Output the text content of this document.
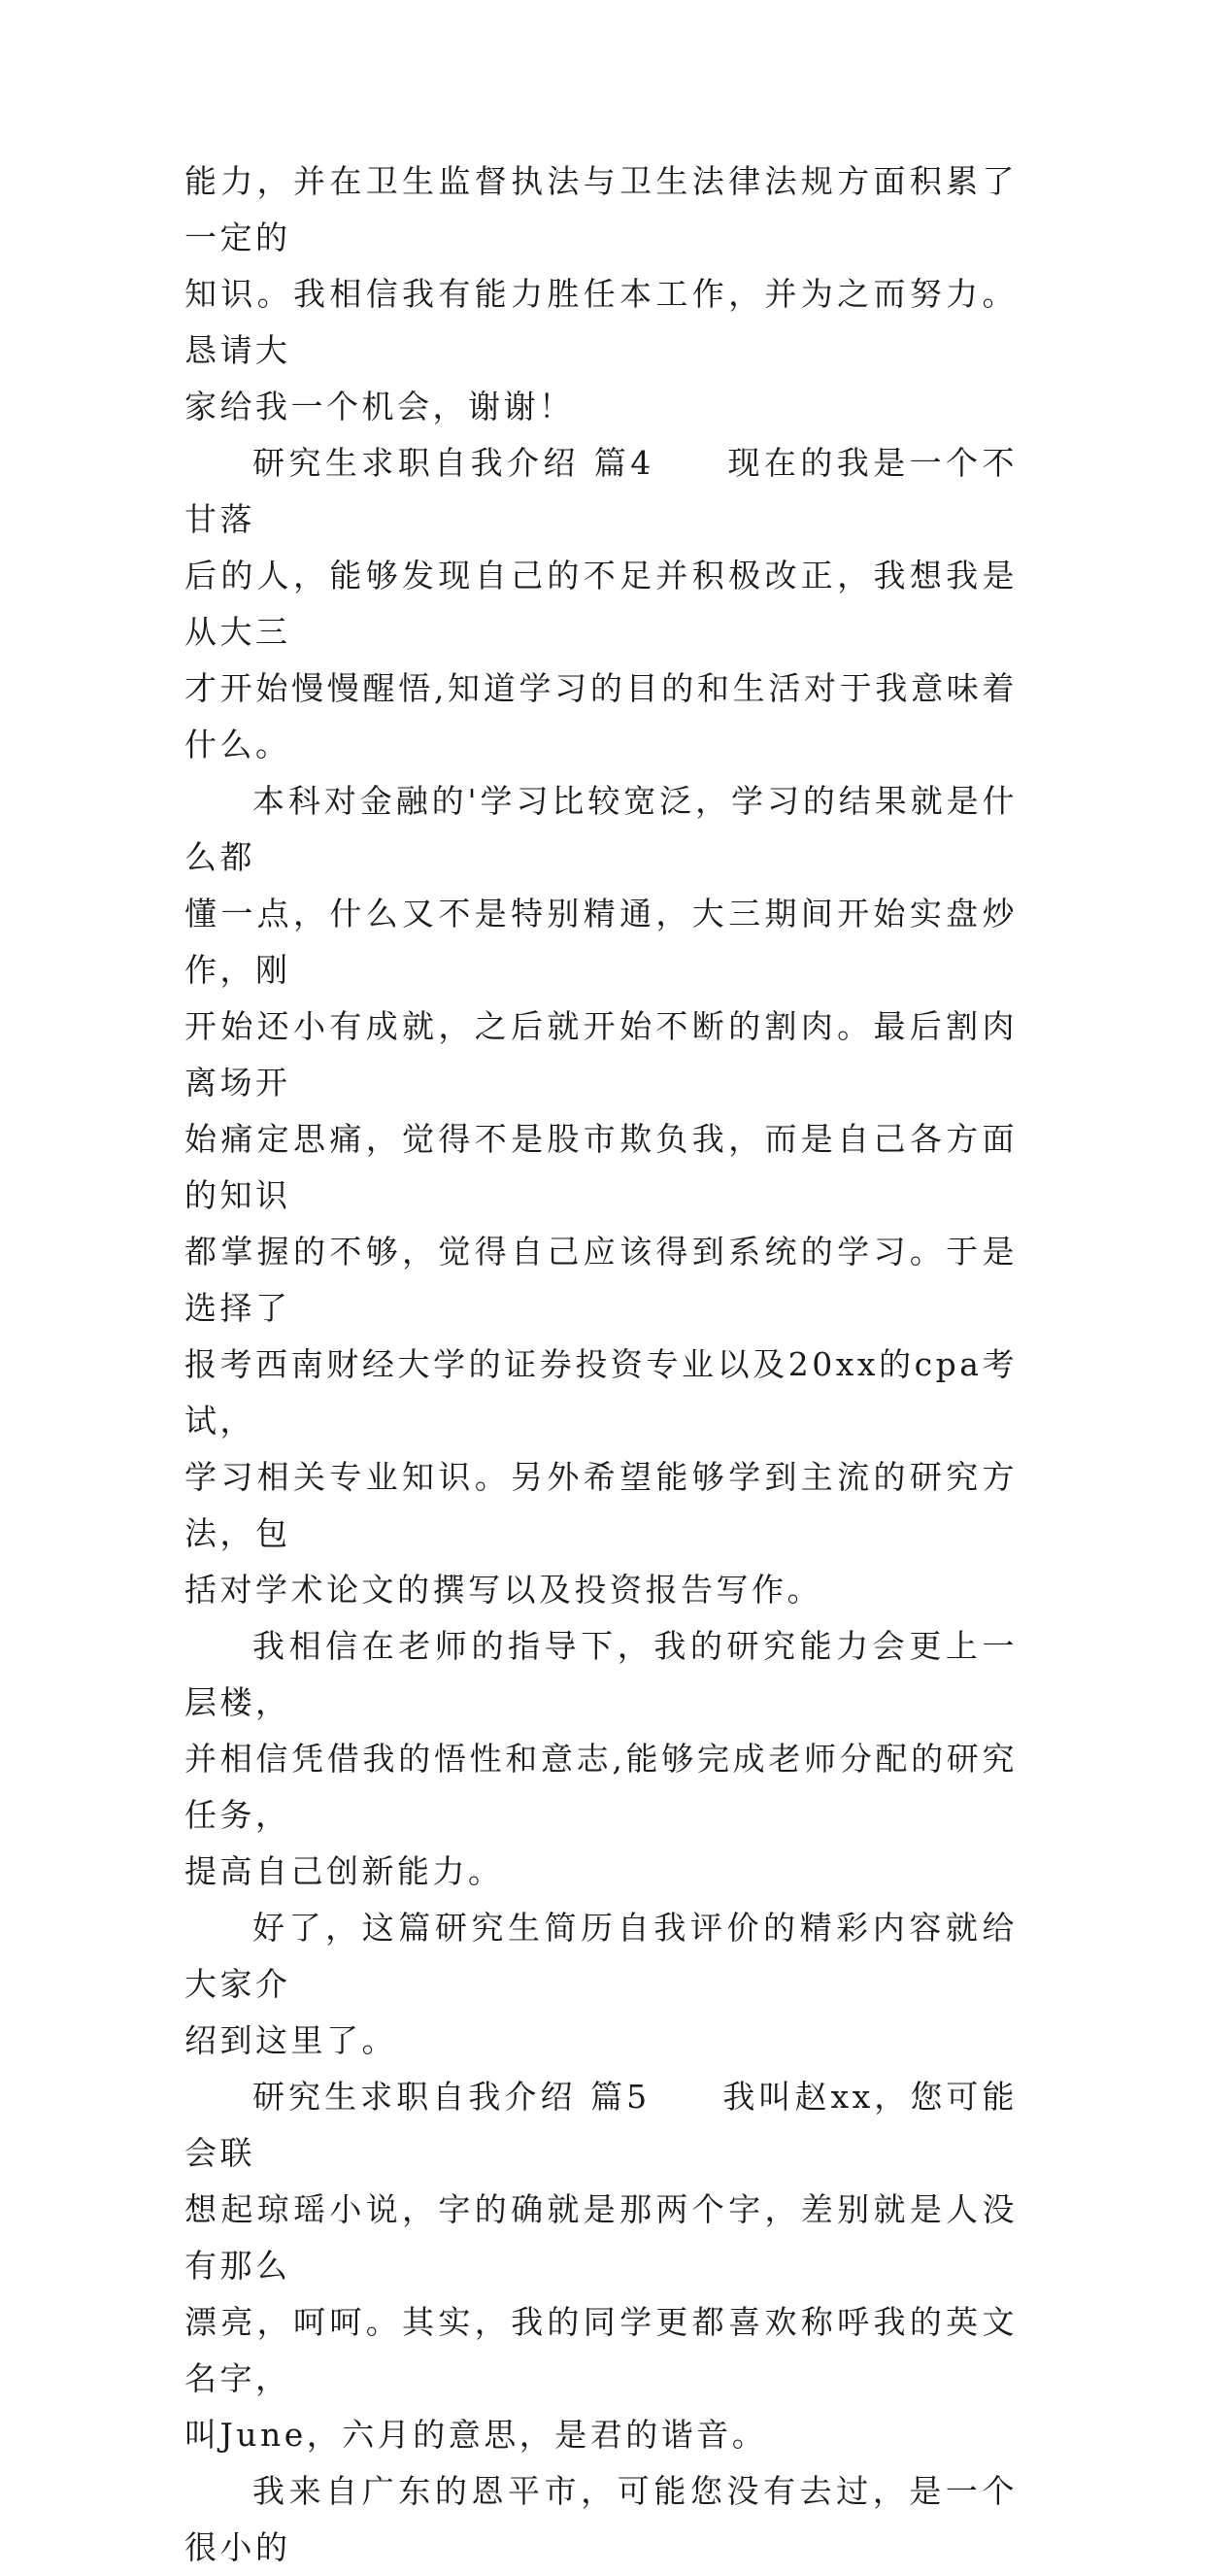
能力，并在卫生监督执法与卫生法律法规方面积累了一定的
知识。我相信我有能力胜任本工作，并为之而努力。恳请大
家给我一个机会，谢谢！

研究生求职自我介绍 篇4　　现在的我是一个不甘落
后的人，能够发现自己的不足并积极改正，我想我是从大三
才开始慢慢醒悟,知道学习的目的和生活对于我意味着什么。

本科对金融的'学习比较宽泛，学习的结果就是什么都
懂一点，什么又不是特别精通，大三期间开始实盘炒作，刚
开始还小有成就，之后就开始不断的割肉。最后割肉离场开
始痛定思痛，觉得不是股市欺负我，而是自己各方面的知识
都掌握的不够，觉得自己应该得到系统的学习。于是选择了
报考西南财经大学的证券投资专业以及20xx的cpa考试，
学习相关专业知识。另外希望能够学到主流的研究方法，包
括对学术论文的撰写以及投资报告写作。

我相信在老师的指导下，我的研究能力会更上一层楼，
并相信凭借我的悟性和意志,能够完成老师分配的研究任务，
提高自己创新能力。

好了，这篇研究生简历自我评价的精彩内容就给大家介
绍到这里了。

研究生求职自我介绍 篇5　　我叫赵xx，您可能会联
想起琼瑶小说，字的确就是那两个字，差别就是人没有那么
漂亮，呵呵。其实，我的同学更都喜欢称呼我的英文名字，
叫June，六月的意思，是君的谐音。

我来自广东的恩平市，可能您没有去过，是一个很小的
